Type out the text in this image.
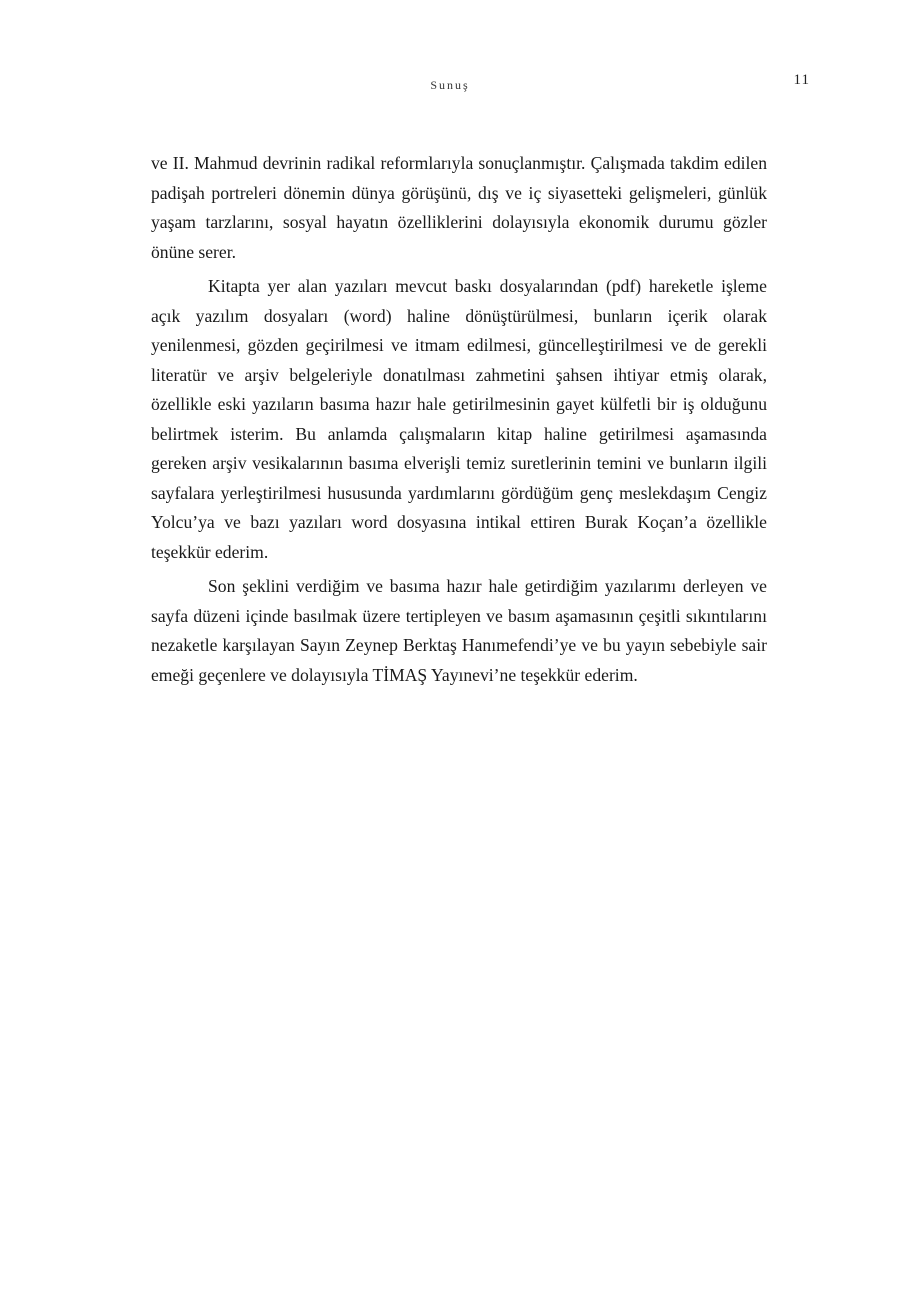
Sunuş	11

ve II. Mahmud devrinin radikal reformlarıyla sonuçlanmıştır. Çalışmada takdim edilen padişah portreleri dönemin dünya görüşünü, dış ve iç siyasetteki gelişmeleri, günlük yaşam tarzlarını, sosyal hayatın özelliklerini dolayısıyla ekonomik durumu gözler önüne serer.

Kitapta yer alan yazıları mevcut baskı dosyalarından (pdf) hareketle işleme açık yazılım dosyaları (word) haline dönüştürülmesi, bunların içerik olarak yenilenmesi, gözden geçirilmesi ve itmam edilmesi, güncelleştirilmesi ve de gerekli literatür ve arşiv belgeleriyle donatılması zahmetini şahsen ihtiyar etmiş olarak, özellikle eski yazıların basıma hazır hale getirilmesinin gayet külfetli bir iş olduğunu belirtmek isterim. Bu anlamda çalışmaların kitap haline getirilmesi aşamasında gereken arşiv vesikalarının basıma elverişli temiz suretlerinin temini ve bunların ilgili sayfalara yerleştirilmesi hususunda yardımlarını gördüğüm genç meslekdaşım Cengiz Yolcu’ya ve bazı yazıları word dosyasına intikal ettiren Burak Koçan’a özellikle teşekkür ederim.

Son şeklini verdiğim ve basıma hazır hale getirdiğim yazılarımı derleyen ve sayfa düzeni içinde basılmak üzere tertipleyen ve basım aşamasının çeşitli sıkıntılarını nezaketle karşılayan Sayın Zeynep Berktaş Hanımefendi’ye ve bu yayın sebebiyle sair emeği geçenlere ve dolayısıyla TİMAŞ Yayınevi’ne teşekkür ederim.
